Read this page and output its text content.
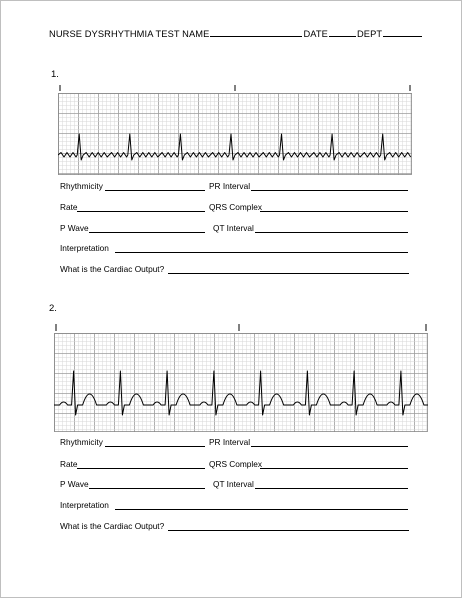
NURSE DYSRHYTHMIA TEST NAME	DATE	DEPT
1.
Rhythmicity	PR Interval
Rate	QRS Complex
P Wave	QT Interval
Interpretation
What is the Cardiac Output?
2.
Rhythmicity	PR Interval
Rate	QRS Complex
P Wave	QT Interval
Interpretation
What is the Cardiac Output?
